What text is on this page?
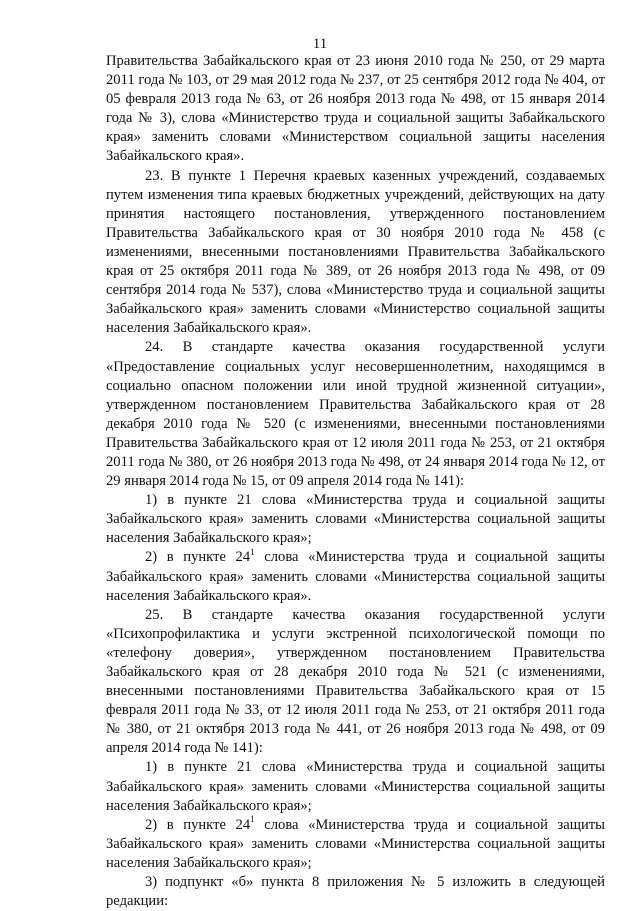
11

Правительства Забайкальского края от 23 июня 2010 года № 250, от 29 марта 2011 года № 103, от 29 мая 2012 года № 237, от 25 сентября 2012 года № 404, от 05 февраля 2013 года № 63, от 26 ноября 2013 года № 498, от 15 января 2014 года № 3), слова «Министерство труда и социальной защиты Забайкальского края» заменить словами «Министерством социальной защиты населения Забайкальского края».

23. В пункте 1 Перечня краевых казенных учреждений, создаваемых путем изменения типа краевых бюджетных учреждений, действующих на дату принятия настоящего постановления, утвержденного постановлением Правительства Забайкальского края от 30 ноября 2010 года № 458 (с изменениями, внесенными постановлениями Правительства Забайкальского края от 25 октября 2011 года № 389, от 26 ноября 2013 года № 498, от 09 сентября 2014 года № 537), слова «Министерство труда и социальной защиты Забайкальского края» заменить словами «Министерство социальной защиты населения Забайкальского края».

24. В стандарте качества оказания государственной услуги «Предоставление социальных услуг несовершеннолетним, находящимся в социально опасном положении или иной трудной жизненной ситуации», утвержденном постановлением Правительства Забайкальского края от 28 декабря 2010 года № 520 (с изменениями, внесенными постановлениями Правительства Забайкальского края от 12 июля 2011 года № 253, от 21 октября 2011 года № 380, от 26 ноября 2013 года № 498, от 24 января 2014 года № 12, от 29 января 2014 года № 15, от 09 апреля 2014 года № 141):

1) в пункте 21 слова «Министерства труда и социальной защиты Забайкальского края» заменить словами «Министерства социальной защиты населения Забайкальского края»;

2) в пункте $24^1$ слова «Министерства труда и социальной защиты Забайкальского края» заменить словами «Министерства социальной защиты населения Забайкальского края».

25. В стандарте качества оказания государственной услуги «Психопрофилактика и услуги экстренной психологической помощи по «телефону доверия», утвержденном постановлением Правительства Забайкальского края от 28 декабря 2010 года № 521 (с изменениями, внесенными постановлениями Правительства Забайкальского края от 15 февраля 2011 года № 33, от 12 июля 2011 года № 253, от 21 октября 2011 года № 380, от 21 октября 2013 года № 441, от 26 ноября 2013 года № 498, от 09 апреля 2014 года № 141):

1) в пункте 21 слова «Министерства труда и социальной защиты Забайкальского края» заменить словами «Министерства социальной защиты населения Забайкальского края»;

2) в пункте $24^1$ слова «Министерства труда и социальной защиты Забайкальского края» заменить словами «Министерства социальной защиты населения Забайкальского края»;

3) подпункт «б» пункта 8 приложения № 5 изложить в следующей редакции:
